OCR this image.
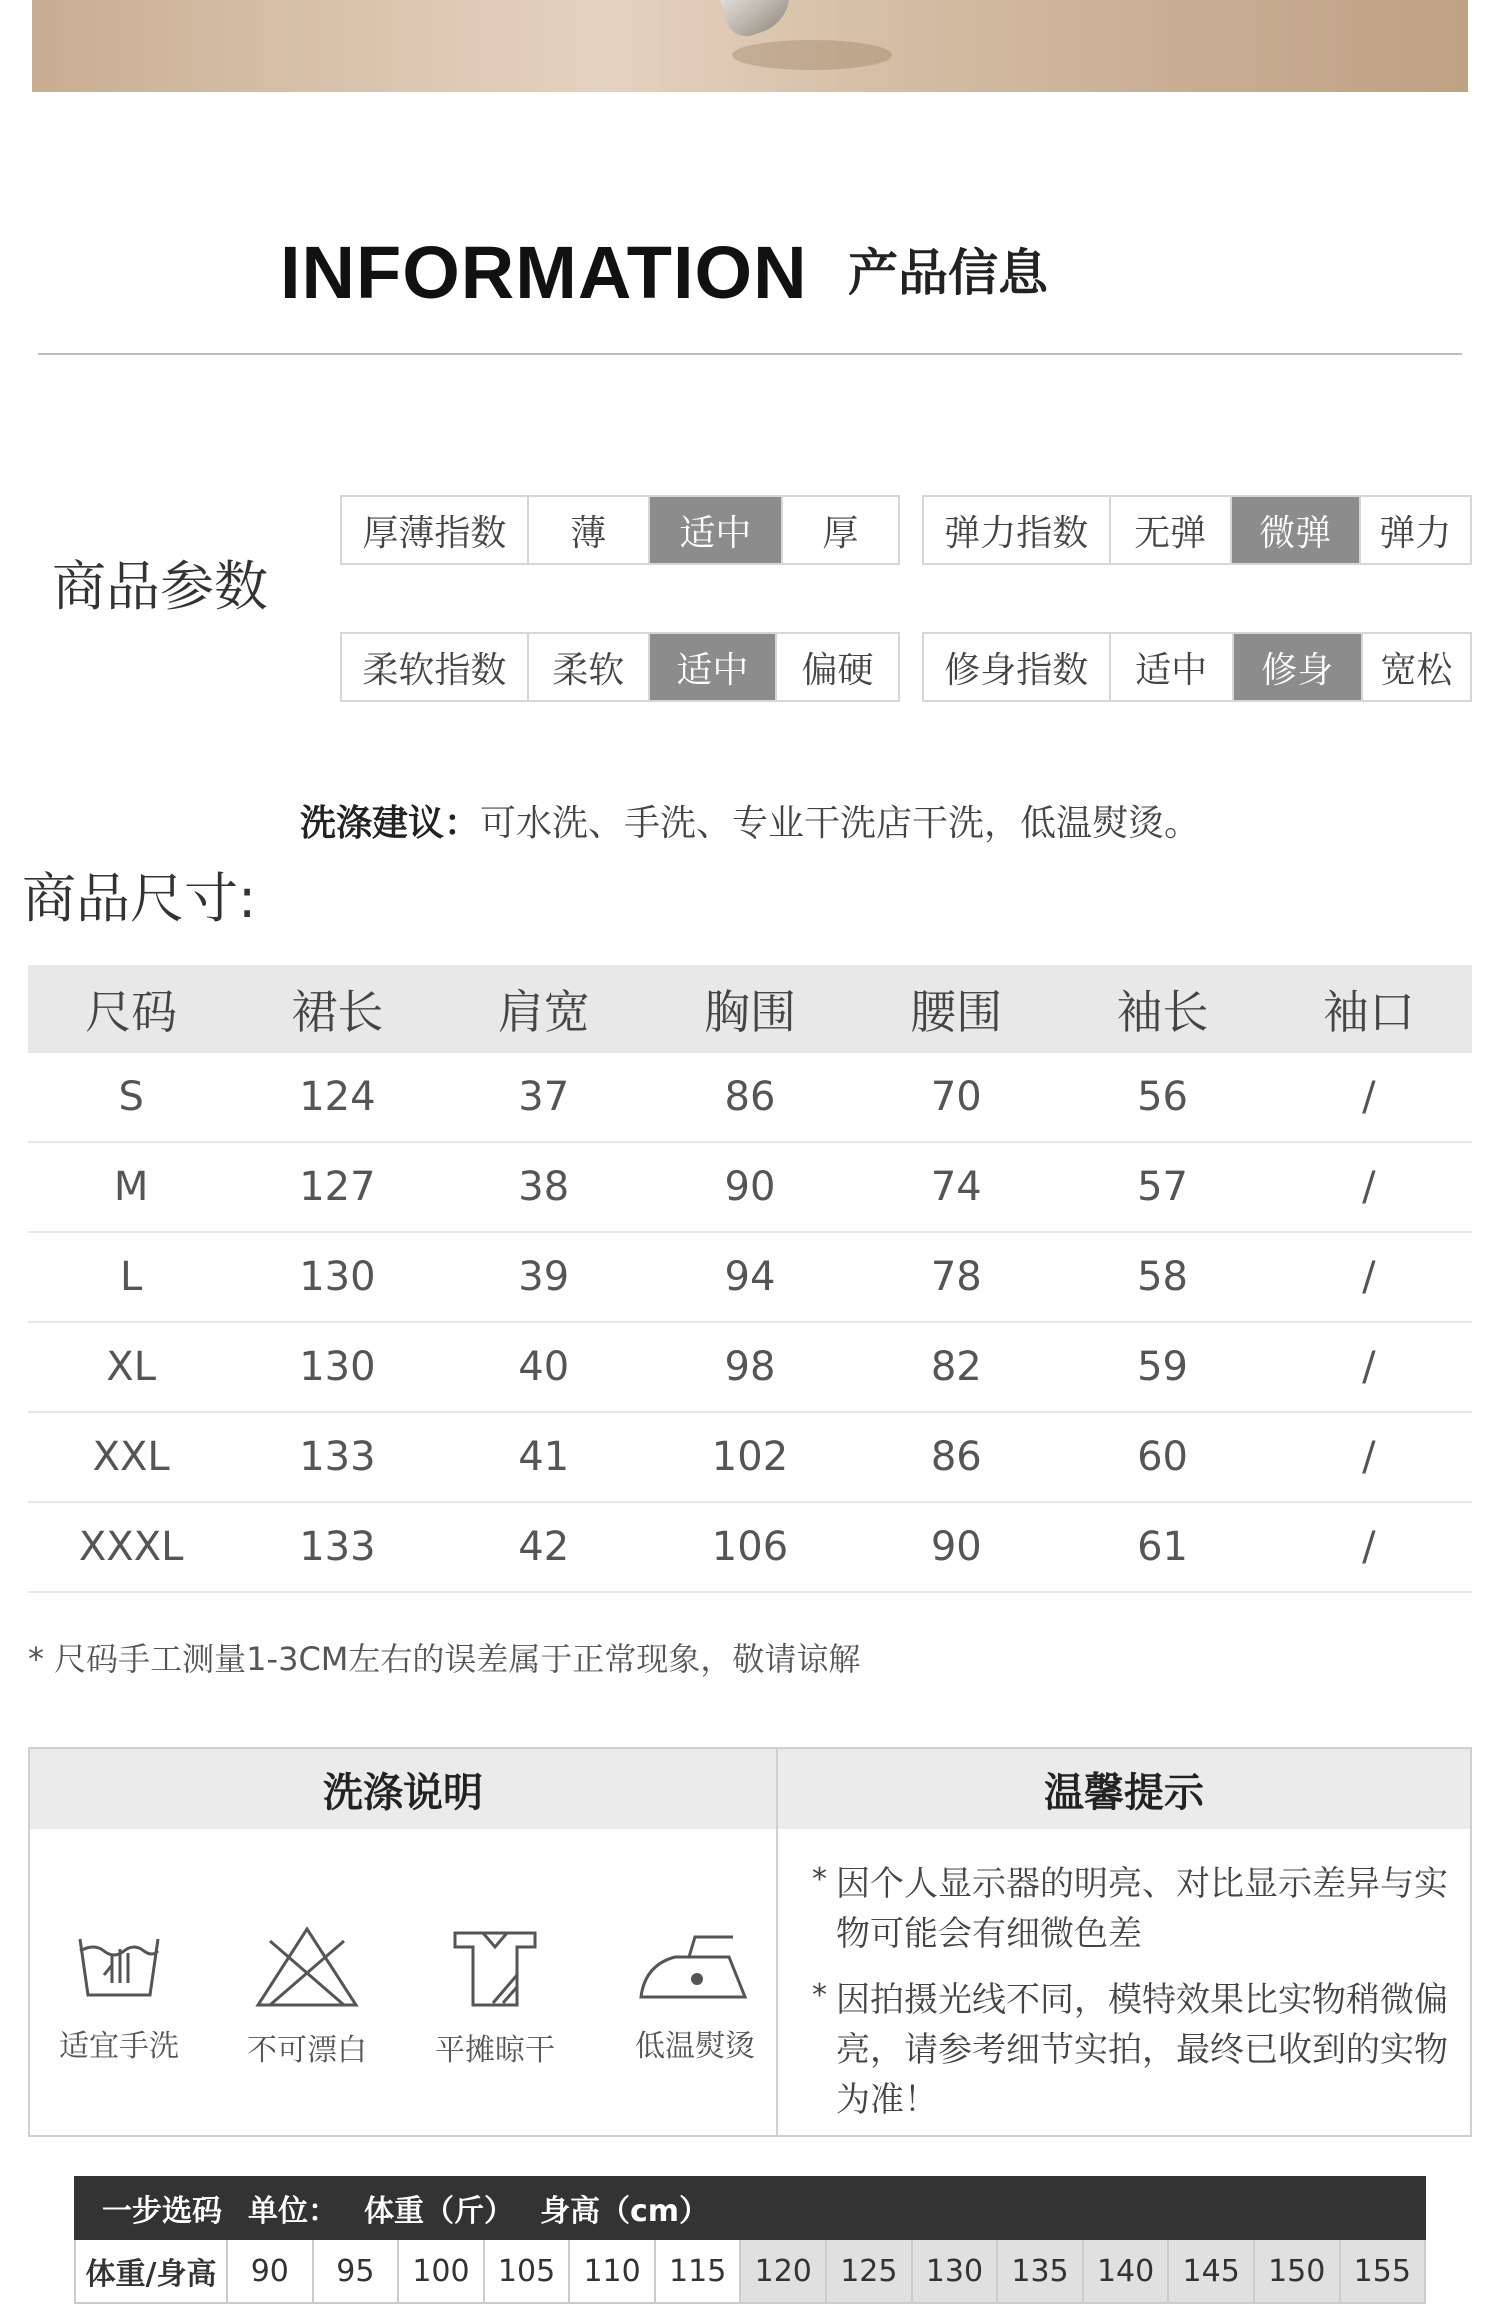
INFORMATION 产品信息
商品参数
厚薄指数	薄	适中	厚	弹力指数	无弹	微弹	弹力
柔软指数	柔软	适中	偏硬	修身指数	适中	修身	宽松
洗涤建议：可水洗、手洗、专业干洗店干洗，低温熨烫。
商品尺寸:
尺码	裙长	肩宽	胸围	腰围	袖长	袖口
S	124	37	86	70	56	/
M	127	38	90	74	57	/
L	130	39	94	78	58	/
XL	130	40	98	82	59	/
XXL	133	41	102	86	60	/
XXXL	133	42	106	90	61	/
* 尺码手工测量1-3CM左右的误差属于正常现象，敬请谅解
洗涤说明
适宜手洗 不可漂白 平摊晾干	低温熨烫
温馨提示
* 因个人显示器的明亮、对比显示差异与实物可能会有细微色差
* 因拍摄光线不同，模特效果比实物稍微偏亮，请参考细节实拍，最终已收到的实物为准！
一步选码 单位： 体重（斤） 身高（cm）
体重/身高	90	95	100 105 110 115 120 125 130 135 140 145 150 155
